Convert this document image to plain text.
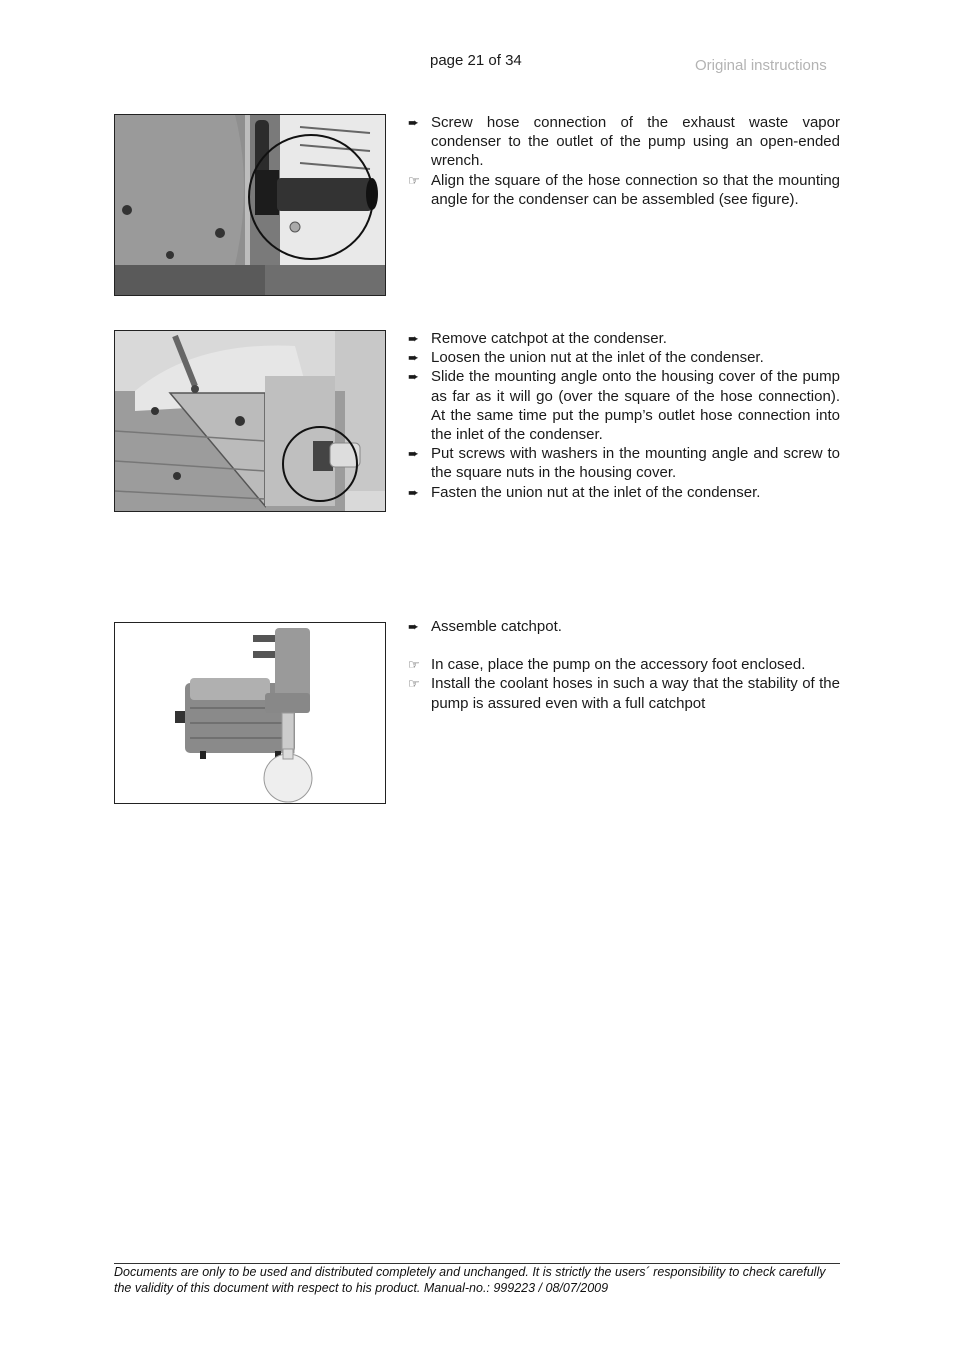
page 21 of 34	Original instructions
➨ Screw hose connection of the exhaust waste vapor condenser to the outlet of the pump using an open-ended wrench.
☞ Align the square of the hose connection so that the mounting angle for the condenser can be assembled (see figure).
➨ Remove catchpot at the condenser.
➨ Loosen the union nut at the inlet of the condenser.
➨ Slide the mounting angle onto the housing cover of the pump as far as it will go (over the square of the hose connection). At the same time put the pump’s outlet hose connection into the inlet of the condenser.
➨ Put screws with washers in the mounting angle and screw to the square nuts in the housing cover.
➨ Fasten the union nut at the inlet of the condenser.
➨ Assemble catchpot.
☞ In case, place the pump on the accessory foot enclosed.
☞ Install the coolant hoses in such a way that the stability of the pump is assured even with a full catchpot
Documents are only to be used and distributed completely and unchanged. It is strictly the users´ responsibility to check carefully
the validity of this document with respect to his product. Manual-no.: 999223 / 08/07/2009
